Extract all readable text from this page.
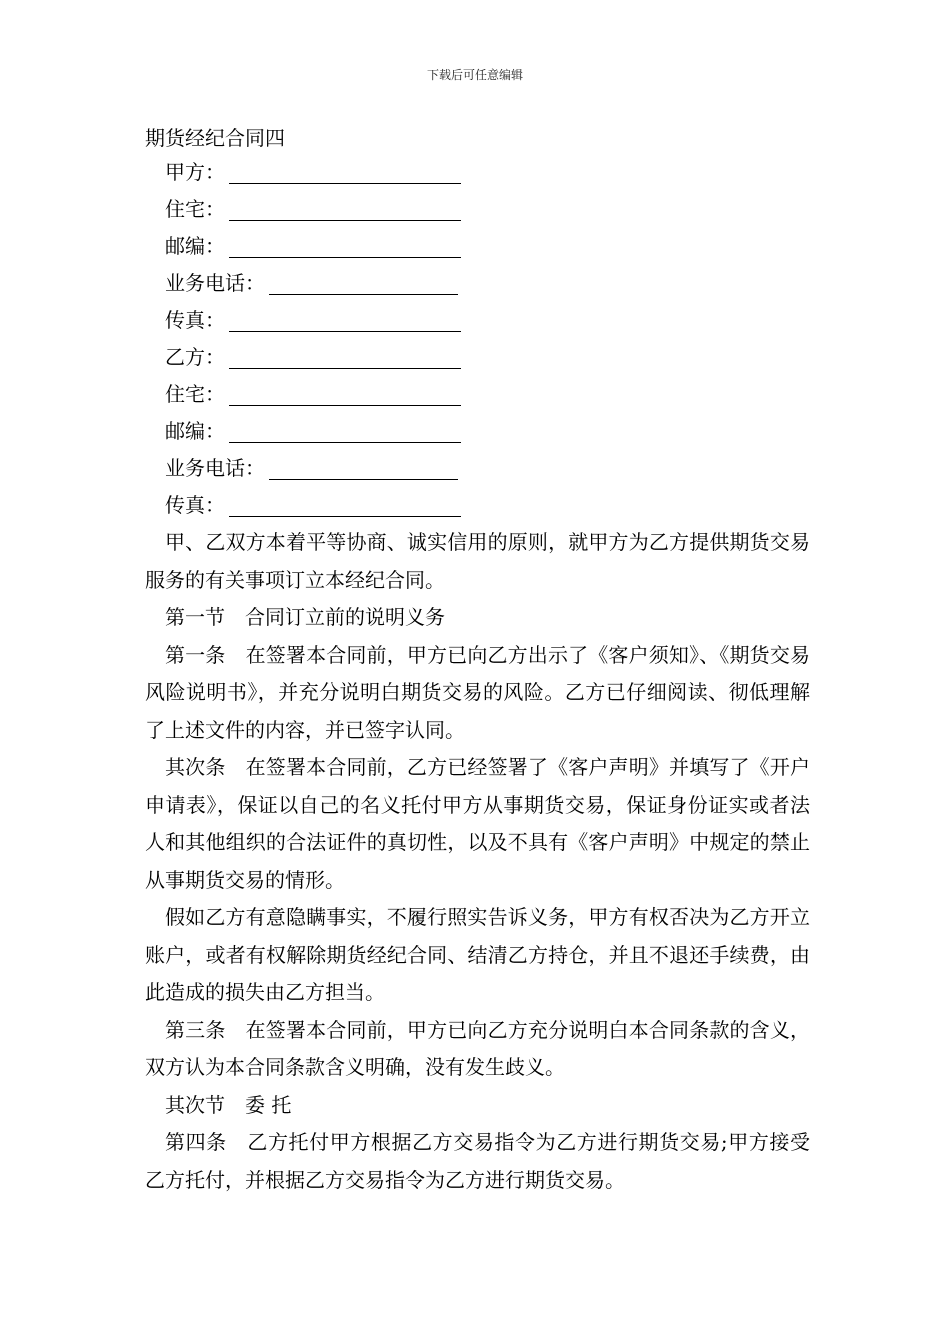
下载后可任意编辑
期货经纪合同四
甲方：
住宅：
邮编：
业务电话：
传真：
乙方：
住宅：
邮编：
业务电话：
传真：

甲、乙双方本着平等协商、诚实信用的原则，就甲方为乙方提供期货交易服务的有关事项订立本经纪合同。

第一节 合同订立前的说明义务

第一条 在签署本合同前，甲方已向乙方出示了《客户须知》、《期货交易风险说明书》，并充分说明白期货交易的风险。乙方已仔细阅读、彻低理解了上述文件的内容，并已签字认同。

其次条 在签署本合同前，乙方已经签署了《客户声明》并填写了《开户申请表》，保证以自己的名义托付甲方从事期货交易，保证身份证实或者法人和其他组织的合法证件的真切性，以及不具有《客户声明》中规定的禁止从事期货交易的情形。

假如乙方有意隐瞒事实，不履行照实告诉义务，甲方有权否决为乙方开立账户，或者有权解除期货经纪合同、结清乙方持仓，并且不退还手续费，由此造成的损失由乙方担当。

第三条 在签署本合同前，甲方已向乙方充分说明白本合同条款的含义，双方认为本合同条款含义明确，没有发生歧义。

其次节 委 托

第四条 乙方托付甲方根据乙方交易指令为乙方进行期货交易;甲方接受乙方托付，并根据乙方交易指令为乙方进行期货交易。
